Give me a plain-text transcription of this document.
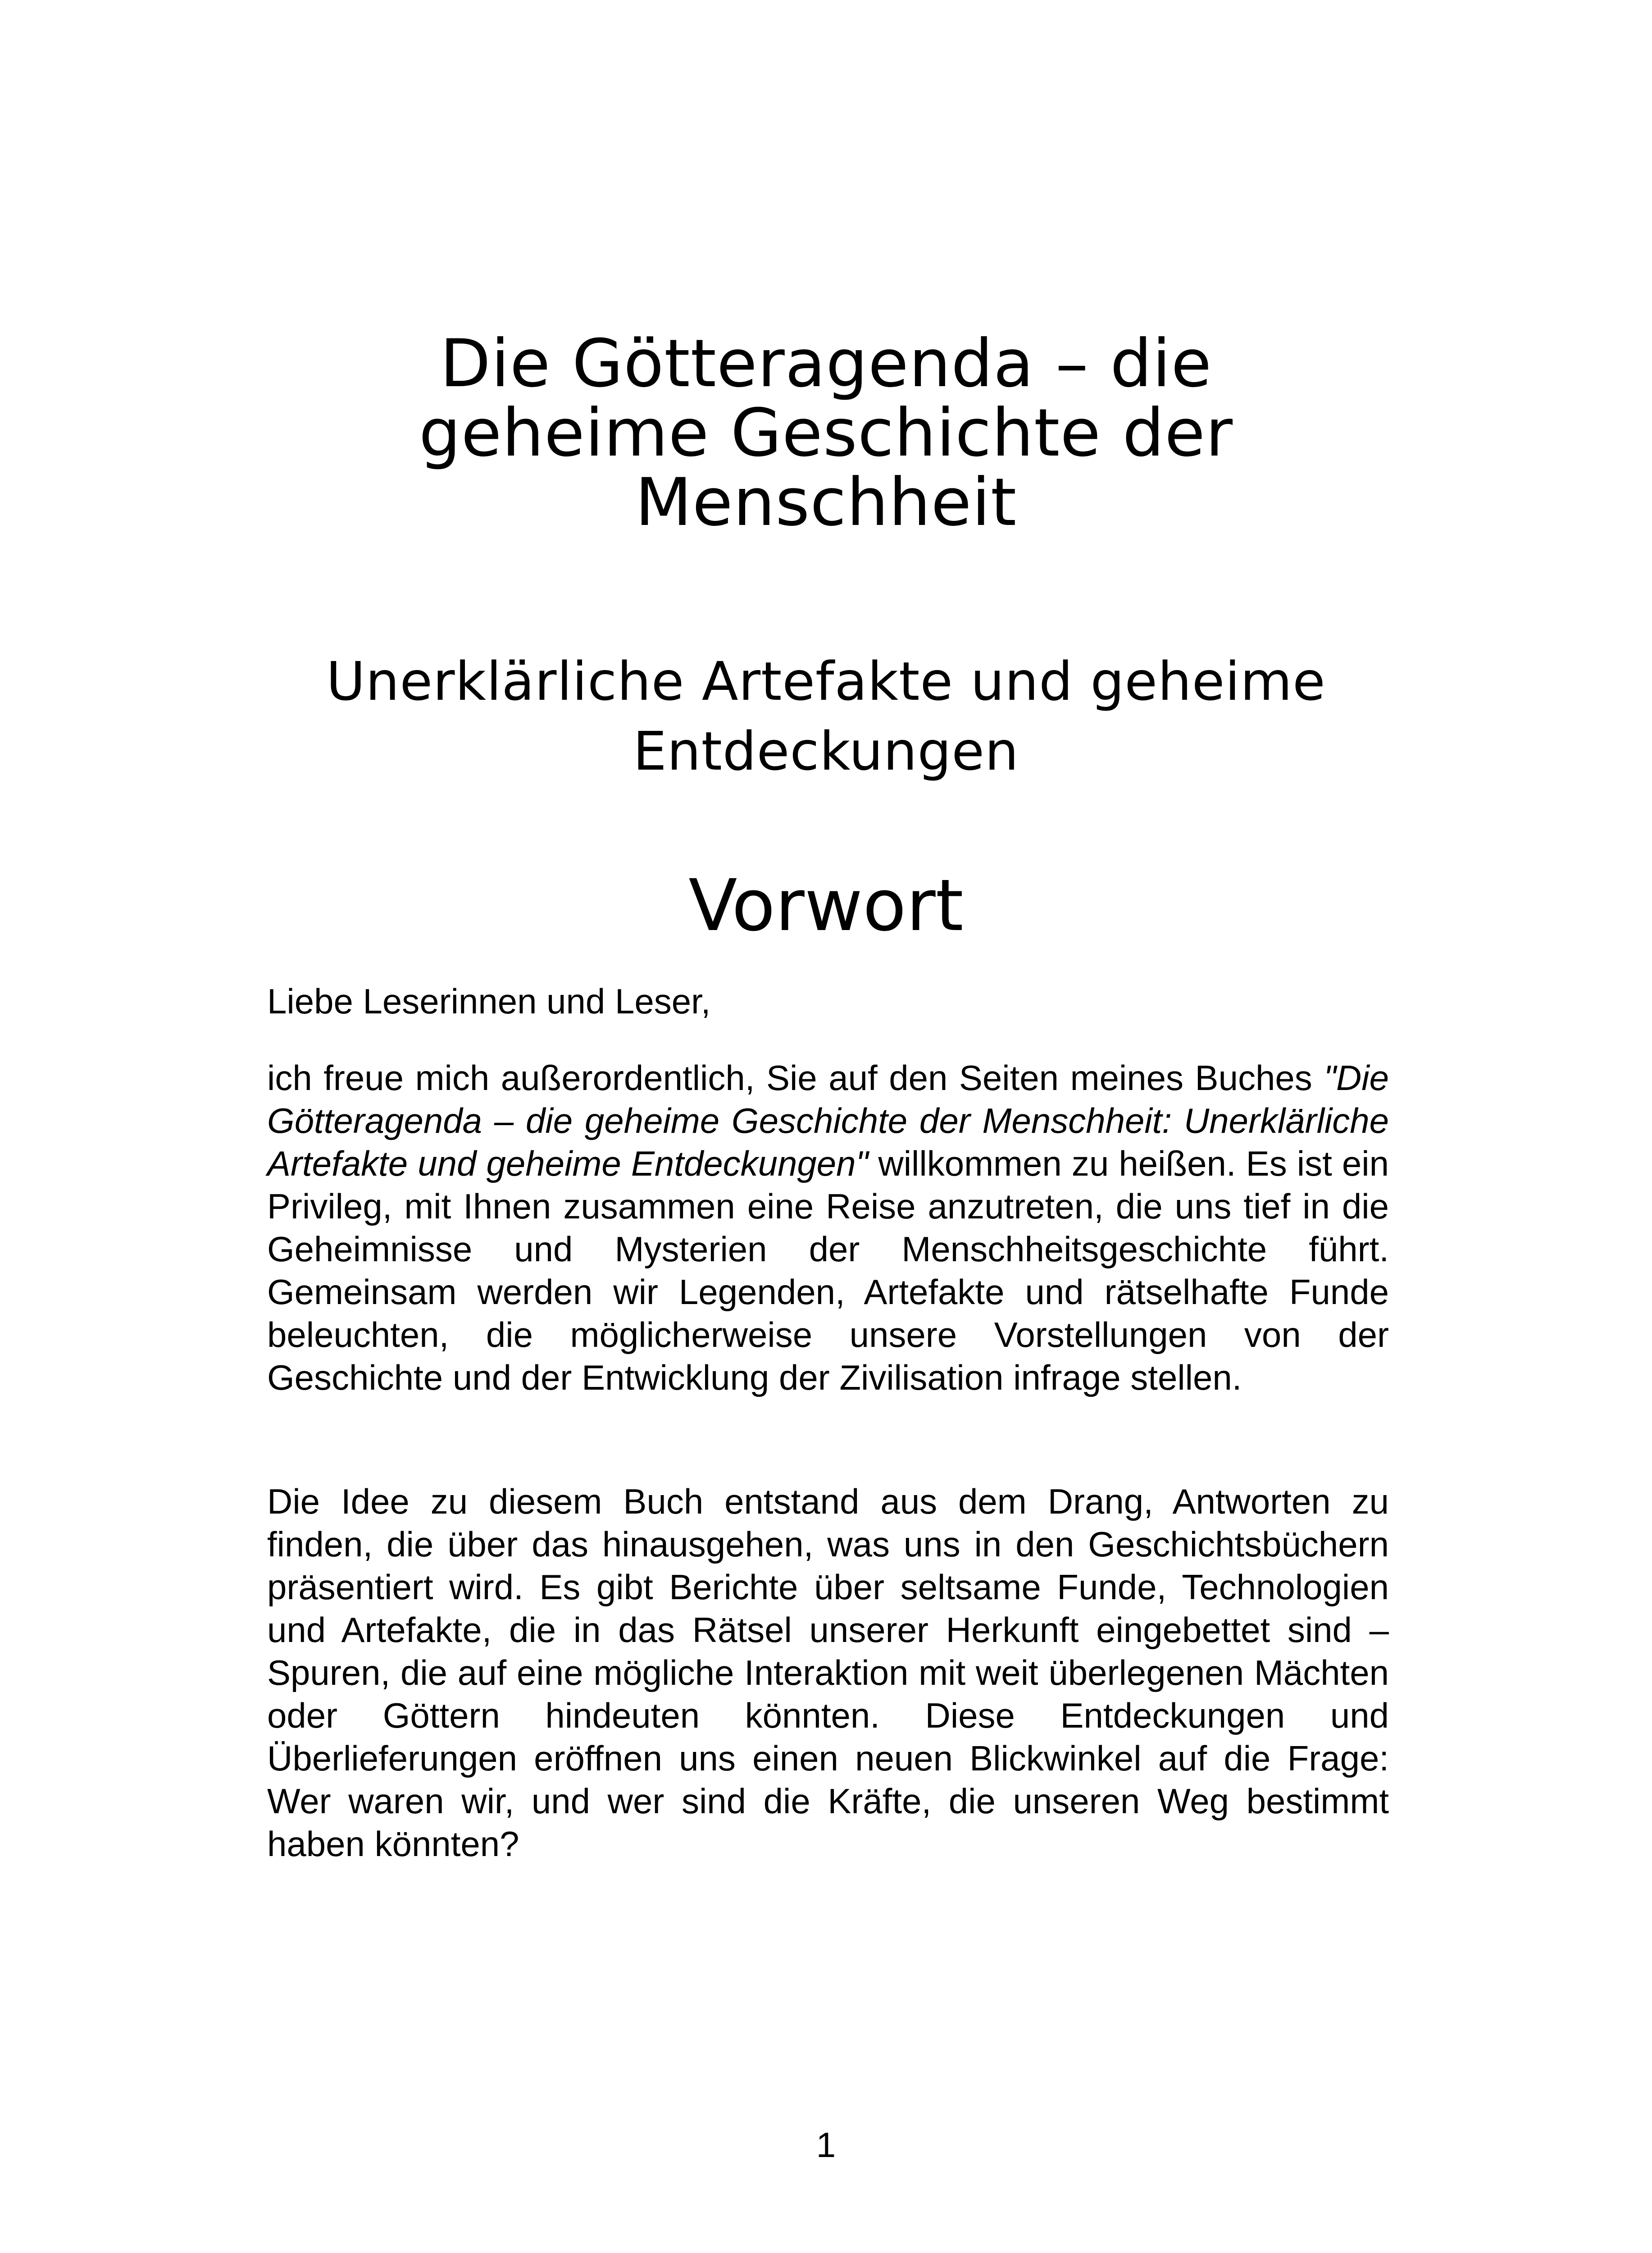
Die Götteragenda – die
geheime Geschichte der
Menschheit
Unerklärliche Artefakte und geheime
Entdeckungen
Vorwort

Liebe Leserinnen und Leser,

ich freue mich außerordentlich, Sie auf den Seiten meines Buches "Die Götteragenda – die geheime Geschichte der Menschheit: Unerklärliche Artefakte und geheime Entdeckungen" willkommen zu heißen. Es ist ein Privileg, mit Ihnen zusammen eine Reise anzutreten, die uns tief in die Geheimnisse und Mysterien der Menschheitsgeschichte führt. Gemeinsam werden wir Legenden, Artefakte und rätselhafte Funde beleuchten, die möglicherweise unsere Vorstellungen von der Geschichte und der Entwicklung der Zivilisation infrage stellen.

Die Idee zu diesem Buch entstand aus dem Drang, Antworten zu finden, die über das hinausgehen, was uns in den Geschichtsbüchern präsentiert wird. Es gibt Berichte über seltsame Funde, Technologien und Artefakte, die in das Rätsel unserer Herkunft eingebettet sind – Spuren, die auf eine mögliche Interaktion mit weit überlegenen Mächten oder Göttern hindeuten könnten. Diese Entdeckungen und Überlieferungen eröffnen uns einen neuen Blickwinkel auf die Frage: Wer waren wir, und wer sind die Kräfte, die unseren Weg bestimmt haben könnten?

1
